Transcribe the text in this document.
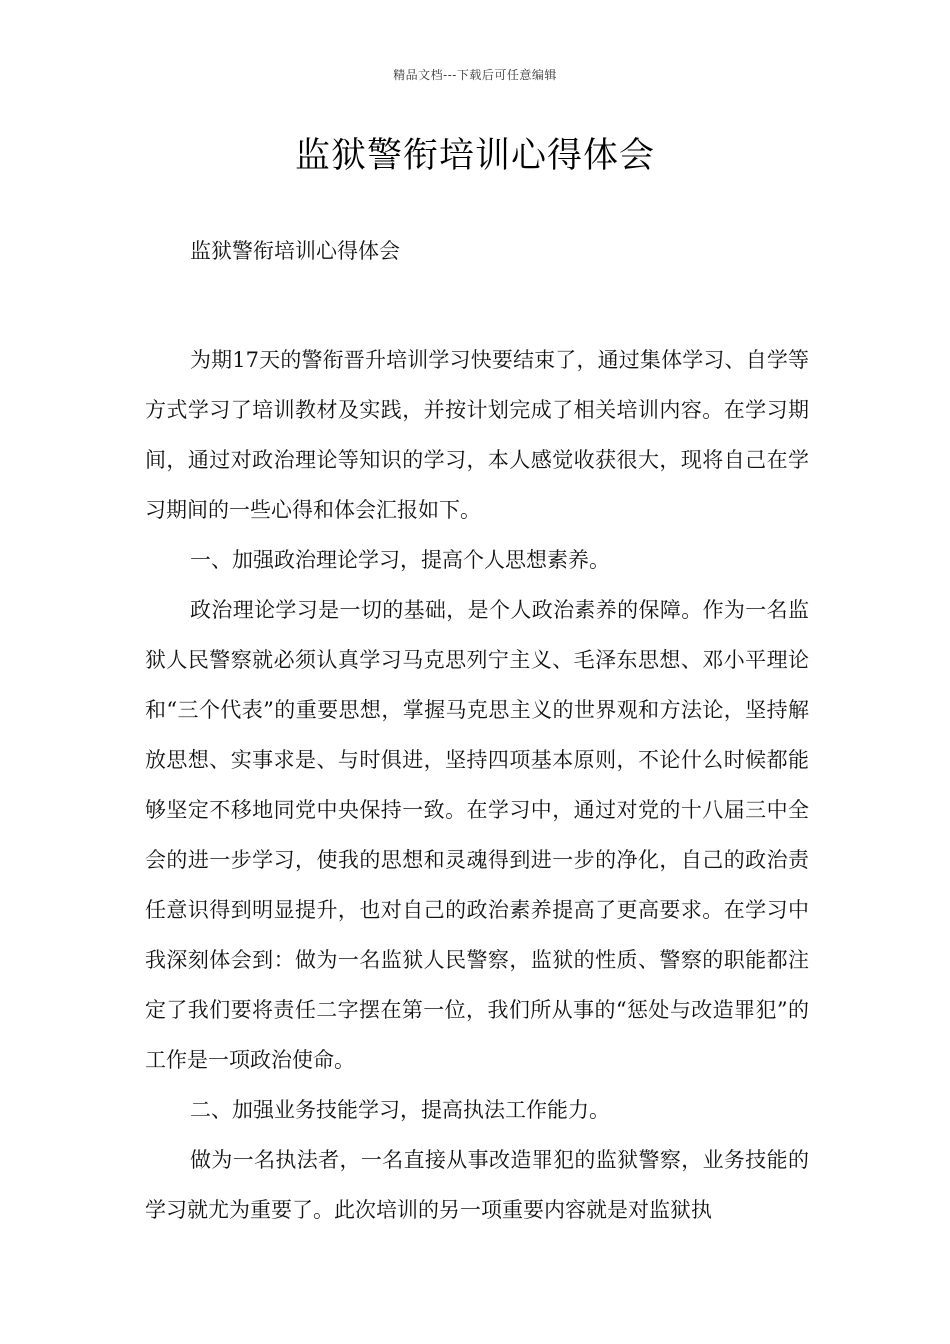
精品文档---下载后可任意编辑
监狱警衔培训心得体会
监狱警衔培训心得体会

为期17天的警衔晋升培训学习快要结束了，通过集体学习、自学等方式学习了培训教材及实践，并按计划完成了相关培训内容。在学习期间，通过对政治理论等知识的学习，本人感觉收获很大，现将自己在学习期间的一些心得和体会汇报如下。

一、加强政治理论学习，提高个人思想素养。

政治理论学习是一切的基础，是个人政治素养的保障。作为一名监狱人民警察就必须认真学习马克思列宁主义、毛泽东思想、邓小平理论和“三个代表”的重要思想，掌握马克思主义的世界观和方法论，坚持解放思想、实事求是、与时俱进，坚持四项基本原则，不论什么时候都能够坚定不移地同党中央保持一致。在学习中，通过对党的十八届三中全会的进一步学习，使我的思想和灵魂得到进一步的净化，自己的政治责任意识得到明显提升，也对自己的政治素养提高了更高要求。在学习中我深刻体会到：做为一名监狱人民警察，监狱的性质、警察的职能都注定了我们要将责任二字摆在第一位，我们所从事的“惩处与改造罪犯”的工作是一项政治使命。

二、加强业务技能学习，提高执法工作能力。

做为一名执法者，一名直接从事改造罪犯的监狱警察，业务技能的学习就尤为重要了。此次培训的另一项重要内容就是对监狱执
